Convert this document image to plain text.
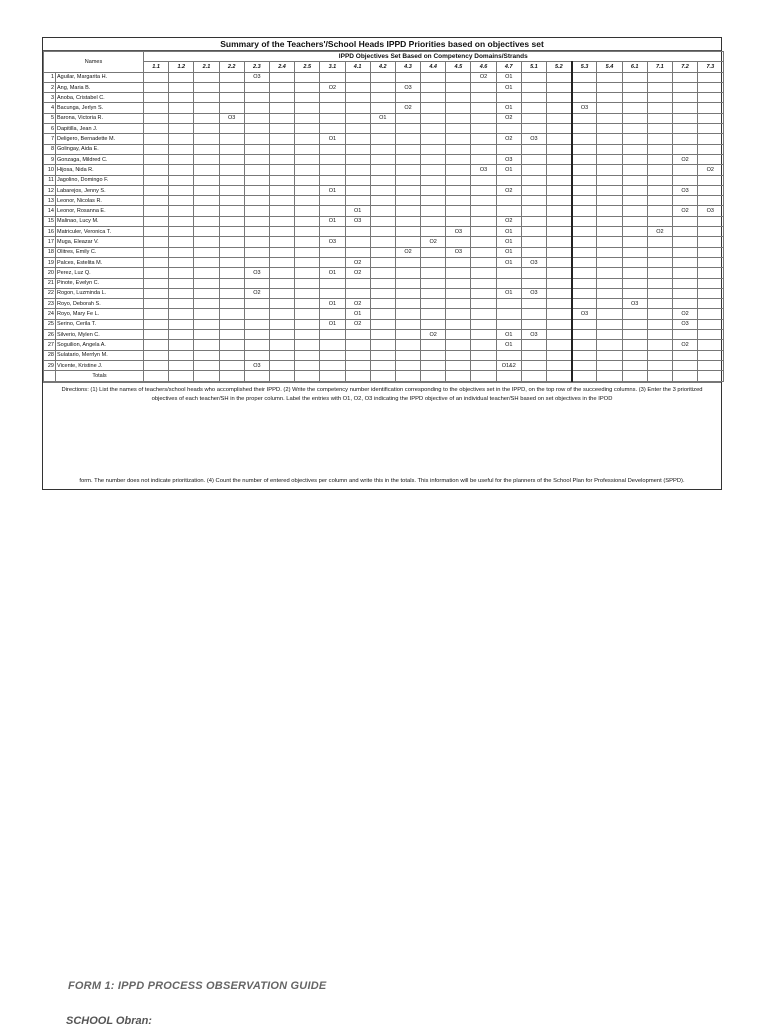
Summary of the Teachers'/School Heads IPPD Priorities based on objectives set
Names		IPPD Objectives Set Based on Competency Domains/Strands																						
		1.1	1.2	2.1	2.2	2.3	2.4	2.5	3.1	4.1	4.2	4.3	4.4	4.5	4.6	4.7	5.1	5.2	5.3	5.4	6.1	7.1	7.2	7.3
1	Aguilar, Margarita H.					O3									O2	O1								
2	Ang, Maria B.								O2			O3				O1								
3	Anoba, Cristabel C.																							
4	Bacunga, Jerlyn S.											O2				O1			O3					
5	Barona, Victoria R.				O3						O1					O2								
6	Dapitilla, Jean J.																							
7	Deligero, Bernadette M.								O1							O2	O3							
8	Golingay, Aida E.																							
9	Gonzaga, Mildred C.															O3							O2	
10	Hijosa, Nida R.														O3	O1								O2
11	Jagolino, Domingo F.																							
12	Labarejos, Jenny S.								O1							O2							O3	
13	Leonor, Nicolas R.																							
14	Leonor, Rosanna E.									O1													O2	O3
15	Malinao, Lucy M.								O1	O3						O2								
16	Matriculer, Veronica T.													O3		O1						O2		
17	Muga, Eleazar V.								O3				O2			O1								
18	Olitres, Emily C.											O2		O3		O1								
19	Palces, Estelita M.									O2						O1	O3							
20	Perez, Luz Q.					O3			O1	O2														
21	Pinote, Evelyn C.																							
22	Rogon, Luzminda L.					O2										O1	O3							
23	Royo, Deborah S.								O1	O2											O3			
24	Royo, Mary Fe L.									O1									O3				O2	
25	Serino, Cerila T.								O1	O2													O3	
26	Silverio, Mylen C.												O2			O1	O3							
27	Soguilion, Angela A.															O1							O2	
28	Sulatario, Merrlyn M.																							
29	Vicente, Kristine J.					O3										O1&2								
	Totals																							
Directions: (1) List the names of teachers/school heads who accomplished their IPPD. (2) Write the competency number identification corresponding to the objectives set in the IPPD, on the top row of the succeeding columns. (3) Enter the 3 prioritized objectives of each teacher/SH in the proper column. Label the entries with O1, O2, O3 indicating the IPPD objective of an individual teacher/SH based on set objectives in the IPOD
form. The number does not indicate prioritization. (4) Count the number of entered objectives per column and write this in the totals. This information will be useful for the planners of the School Plan for Professional Development (SPPD).
FORM 1: IPPD PROCESS OBSERVATION GUIDE
SCHOOL Obran:
